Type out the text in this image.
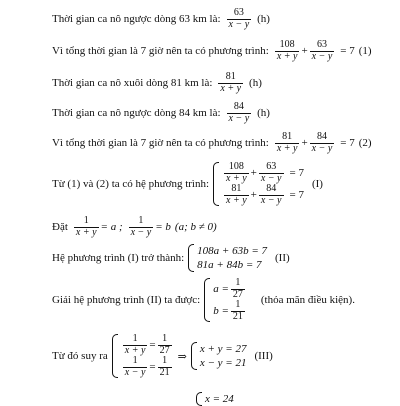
Thời gian ca nô ngược dòng 63 km là: $\frac{63}{x - y} (h)$
Vì tổng thời gian là 7 giờ nên ta có phương trình: $\frac{108}{x + y} + \frac{63}{x - y} = 7$ (1)
Thời gian ca nô xuôi dòng 81 km là: $\frac{81}{x + y} (h)$
Thời gian ca nô ngược dòng 84 km là: $\frac{84}{x - y} (h)$
Vì tổng thời gian là 7 giờ nên ta có phương trình: $\frac{81}{x + y} + \frac{84}{x - y} = 7$ (2)
Từ (1) và (2) ta có hệ phương trình: $\frac{108}{x + y} + \frac{63}{x - y} = 7$
$\frac{81}{x + y} + \frac{84}{x - y} = 7$
(I)
Đặt $\frac{1}{x + y} = a$ ; $\frac{1}{x - y} = b$ (a; b ≠ 0)
Hệ phương trình (I) trở thành:
108a + 63b = 7
81a + 84b = 7
(II)
Giải hệ phương trình (II) ta được:
$a = \frac{1}{27}$
$b = \frac{1}{21}$ (thỏa mãn điều kiện).
Từ đó suy ra $\frac{1}{x + y} = \frac{1}{27}$
$\frac{1}{x - y} = \frac{1}{21}$ ⇒
x + y = 27
x − y = 21
(III)
x = 24
